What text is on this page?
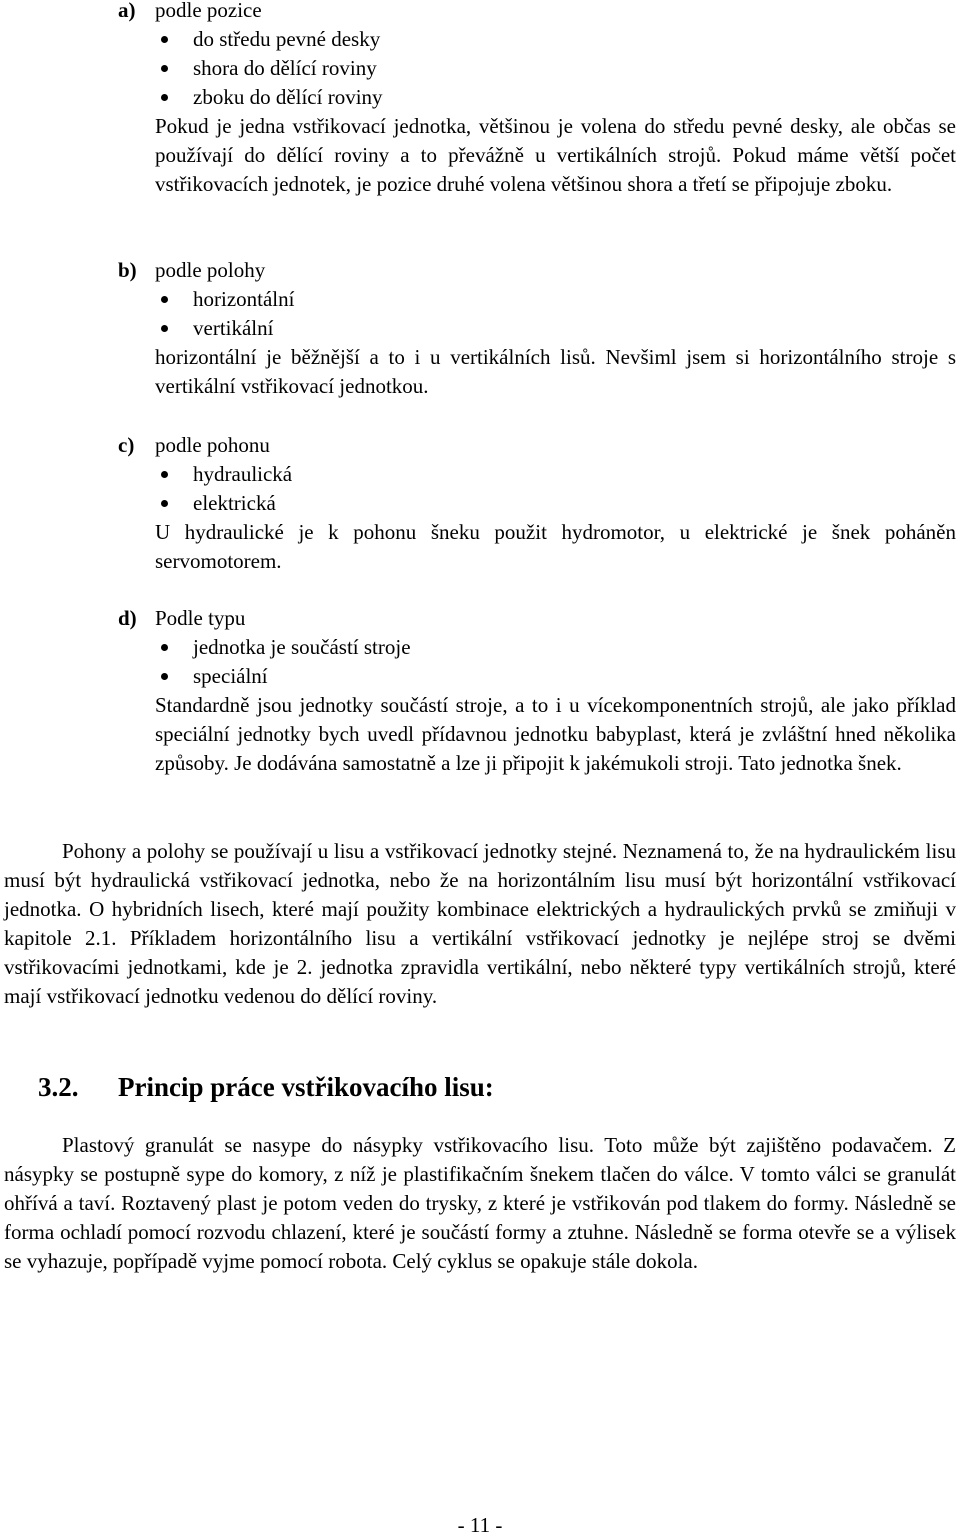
a) podle pozice
do středu pevné desky
shora do dělící roviny
zboku do dělící roviny

Pokud je jedna vstřikovací jednotka, většinou je volena do středu pevné desky, ale občas se používají do dělící roviny a to převážně u vertikálních strojů. Pokud máme větší počet vstřikovacích jednotek, je pozice druhé volena většinou shora a třetí se připojuje zboku.

b) podle polohy
horizontální
vertikální

horizontální je běžnější a to i u vertikálních lisů. Nevšiml jsem si horizontálního stroje s vertikální vstřikovací jednotkou.

c) podle pohonu
hydraulická
elektrická

U hydraulické je k pohonu šneku použit hydromotor, u elektrické je šnek poháněn servomotorem.

d) Podle typu
jednotka je součástí stroje
speciální

Standardně jsou jednotky součástí stroje, a to i u vícekomponentních strojů, ale jako příklad speciální jednotky bych uvedl přídavnou jednotku babyplast, která je zvláštní hned několika způsoby. Je dodávána samostatně a lze ji připojit k jakémukoli stroji. Tato jednotka šnek.

Pohony a polohy se používají u lisu a vstřikovací jednotky stejné. Neznamená to, že na hydraulickém lisu musí být hydraulická vstřikovací jednotka, nebo že na horizontálním lisu musí být horizontální vstřikovací jednotka. O hybridních lisech, které mají použity kombinace elektrických a hydraulických prvků se zmiňuji v kapitole 2.1. Příkladem horizontálního lisu a vertikální vstřikovací jednotky je nejlépe stroj se dvěmi vstřikovacími jednotkami, kde je 2. jednotka zpravidla vertikální, nebo některé typy vertikálních strojů, které mají vstřikovací jednotku vedenou do dělící roviny.

3.2. Princip práce vstřikovacího lisu:

Plastový granulát se nasype do násypky vstřikovacího lisu. Toto může být zajištěno podavačem. Z násypky se postupně sype do komory, z níž je plastifikačním šnekem tlačen do válce. V tomto válci se granulát ohřívá a taví. Roztavený plast je potom veden do trysky, z které je vstřikován pod tlakem do formy. Následně se forma ochladí pomocí rozvodu chlazení, které je součástí formy a ztuhne. Následně se forma otevře se a výlisek se vyhazuje, popřípadě vyjme pomocí robota. Celý cyklus se opakuje stále dokola.

- 11 -
